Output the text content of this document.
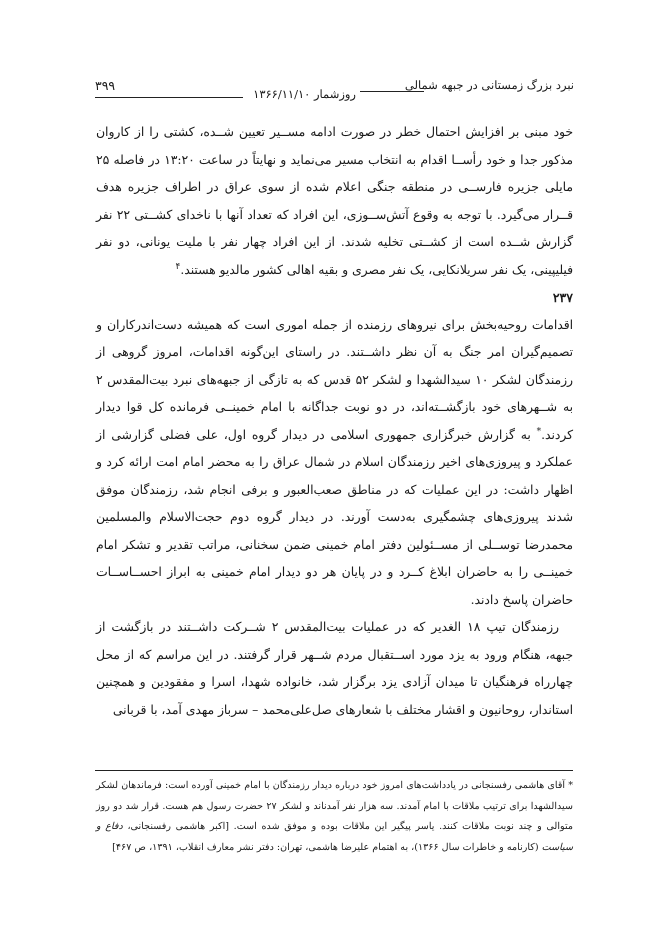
نبرد بزرگ زمستانی در جبهه شمالی
روزشمار ۱۳۶۶/۱۱/۱۰
۳۹۹

خود مبنی بر افزایش احتمال خطر در صورت ادامه مســیر تعیین شــده، کشتی را از کاروان مذکور جدا و خود رأســا اقدام به انتخاب مسیر می‌نماید و نهایتاً در ساعت ۱۳:۲۰ در فاصله ۲۵ مایلی جزیره فارســی در منطقه جنگی اعلام شده از سوی عراق در اطراف جزیره هدف قــرار می‌گیرد. با توجه به وقوع آتش‌ســوزی، این افراد که تعداد آنها با ناخدای کشــتی ۲۲ نفر گزارش شــده است از کشــتی تخلیه شدند. از این افراد چهار نفر با ملیت یونانی، دو نفر فیلیپینی، یک نفر سریلانکایی، یک نفر مصری و بقیه اهالی کشور مالدیو هستند.$^۴$

۲۳۷

اقدامات روحیه‌بخش برای نیروهای رزمنده از جمله اموری است که همیشه دست‌اندرکاران و تصمیم‌گیران امر جنگ به آن نظر داشــتند. در راستای این‌گونه اقدامات، امروز گروهی از رزمندگان لشکر ۱۰ سیدالشهدا و لشکر ۵۲ قدس که به تازگی از جبهه‌های نبرد بیت‌المقدس ۲ به شــهرهای خود بازگشــته‌اند، در دو نوبت جداگانه با امام خمینــی فرمانده کل قوا دیدار کردند.* به گزارش خبرگزاری جمهوری اسلامی در دیدار گروه اول، علی فضلی گزارشی از عملکرد و پیروزی‌های اخیر رزمندگان اسلام در شمال عراق را به محضر امام امت ارائه کرد و اظهار داشت: در این عملیات که در مناطق صعب‌العبور و برفی انجام شد، رزمندگان موفق شدند پیروزی‌های چشمگیری به‌دست آورند. در دیدار گروه دوم حجت‌الاسلام والمسلمین محمدرضا توســلی از مســئولین دفتر امام خمینی ضمن سخنانی، مراتب تقدیر و تشکر امام خمینــی را به حاضران ابلاغ کــرد و در پایان هر دو دیدار امام خمینی به ابراز احســاســات حاضران پاسخ دادند.

رزمندگان تیپ ۱۸ الغدیر که در عملیات بیت‌المقدس ۲ شــرکت داشــتند در بازگشت از جبهه، هنگام ورود به یزد مورد اســتقبال مردم شــهر قرار گرفتند. در این مراسم که از محل چهارراه فرهنگیان تا میدان آزادی یزد برگزار شد، خانواده شهدا، اسرا و مفقودین و همچنین استاندار، روحانیون و اقشار مختلف با شعارهای صل‌علی‌محمد – سرباز مهدی آمد، با قربانی

* آقای هاشمی رفسنجانی در یادداشت‌های امروز خود درباره دیدار رزمندگان با امام خمینی آورده است: فرماندهان لشکر سیدالشهدا برای ترتیب ملاقات با امام آمدند. سه هزار نفر آمدناند و لشکر ۲۷ حضرت رسول هم هست. قرار شد دو روز متوالی و چند نوبت ملاقات کنند. یاسر پیگیر این ملاقات بوده و موفق شده است. [اکبر هاشمی رفسنجانی، دفاع و سیاست (کارنامه و خاطرات سال ۱۳۶۶)، به اهتمام علیرضا هاشمی، تهران: دفتر نشر معارف انقلاب، ۱۳۹۱، ص ۴۶۷]
